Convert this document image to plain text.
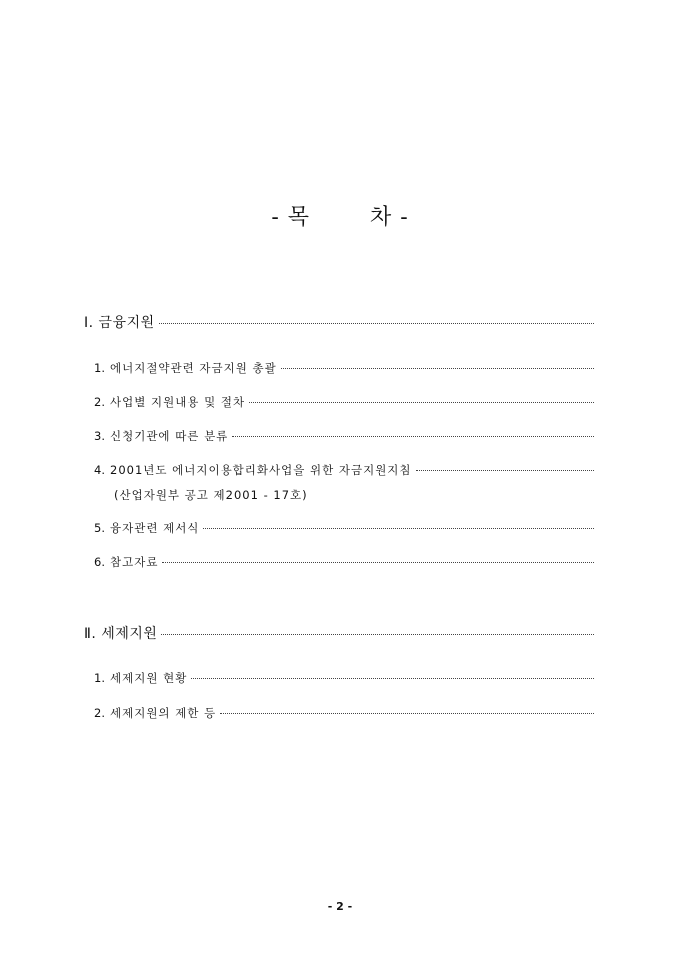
- 목	차 -
Ⅰ. 금융지원
1. 에너지절약관련 자금지원 총괄
2. 사업별 지원내용 및 절차
3. 신청기관에 따른 분류
4. 2001년도 에너지이용합리화사업을 위한 자금지원지침
(산업자원부 공고 제2001 - 17호)
5. 융자관련 제서식
6. 참고자료
Ⅱ. 세제지원
1. 세제지원 현황
2. 세제지원의 제한 등
- 2 -
